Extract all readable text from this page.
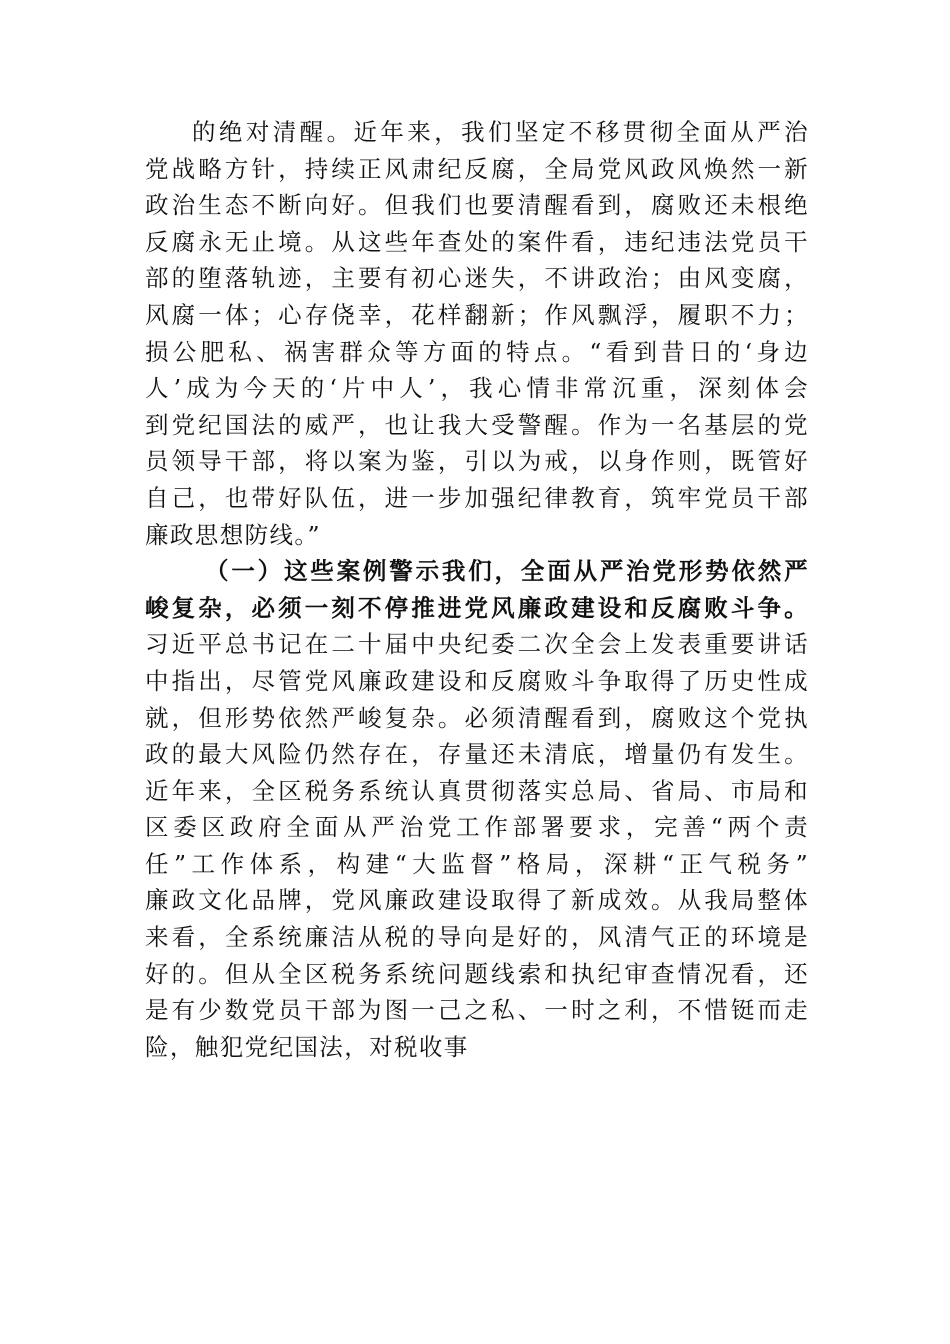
的绝对清醒。近年来，我们坚定不移贯彻全面从严治
党战略方针，持续正风肃纪反腐，全局党风政风焕然一新
政治生态不断向好。但我们也要清醒看到，腐败还未根绝
反腐永无止境。从这些年查处的案件看，违纪违法党员干
部的堕落轨迹，主要有初心迷失，不讲政治；由风变腐，
风腐一体；心存侥幸，花样翻新；作风飘浮，履职不力；
损公肥私、祸害群众等方面的特点。“看到昔日的‘身边
人’成为今天的‘片中人’，我心情非常沉重，深刻体会
到党纪国法的威严，也让我大受警醒。作为一名基层的党
员领导干部，将以案为鉴，引以为戒，以身作则，既管好
自己，也带好队伍，进一步加强纪律教育，筑牢党员干部
廉政思想防线。”
（一）这些案例警示我们，全面从严治党形势依然严
峻复杂，必须一刻不停推进党风廉政建设和反腐败斗争。
习近平总书记在二十届中央纪委二次全会上发表重要讲话
中指出，尽管党风廉政建设和反腐败斗争取得了历史性成
就，但形势依然严峻复杂。必须清醒看到，腐败这个党执
政的最大风险仍然存在，存量还未清底，增量仍有发生。
近年来，全区税务系统认真贯彻落实总局、省局、市局和
区委区政府全面从严治党工作部署要求，完善“两个责
任”工作体系，构建“大监督”格局，深耕“正气税务”
廉政文化品牌，党风廉政建设取得了新成效。从我局整体
来看，全系统廉洁从税的导向是好的，风清气正的环境是
好的。但从全区税务系统问题线索和执纪审查情况看，还
是有少数党员干部为图一己之私、一时之利，不惜铤而走
险，触犯党纪国法，对税收事
